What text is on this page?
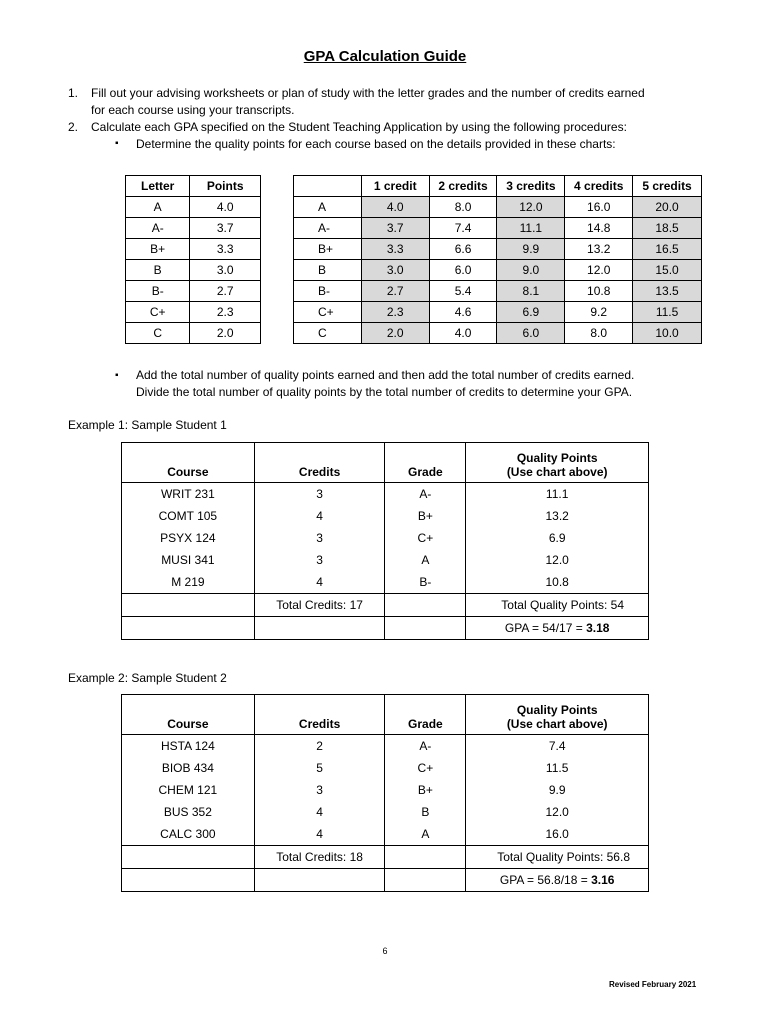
GPA Calculation Guide
1. Fill out your advising worksheets or plan of study with the letter grades and the number of credits earned
for each course using your transcripts.
2. Calculate each GPA specified on the Student Teaching Application by using the following procedures:
▪ Determine the quality points for each course based on the details provided in these charts:
Letter	Points
A	4.0
A-	3.7
B+	3.3
B	3.0
B-	2.7
C+	2.3
C	2.0
	1 credit	2 credits	3 credits	4 credits	5 credits
A	4.0	8.0	12.0	16.0	20.0
A-	3.7	7.4	11.1	14.8	18.5
B+	3.3	6.6	9.9	13.2	16.5
B	3.0	6.0	9.0	12.0	15.0
B-	2.7	5.4	8.1	10.8	13.5
C+	2.3	4.6	6.9	9.2	11.5
C	2.0	4.0	6.0	8.0	10.0
▪ Add the total number of quality points earned and then add the total number of credits earned.
Divide the total number of quality points by the total number of credits to determine your GPA.
Example 1: Sample Student 1
Course	Credits	Grade	Quality Points
(Use chart above)
WRIT 231	3	A-	11.1
COMT 105	4	B+	13.2
PSYX 124	3	C+	6.9
MUSI 341	3	A	12.0
M 219	4	B-	10.8
	Total Credits: 17		Total Quality Points: 54
			GPA = 54/17 = 3.18
Example 2: Sample Student 2
Course	Credits	Grade	Quality Points
(Use chart above)
HSTA 124	2	A-	7.4
BIOB 434	5	C+	11.5
CHEM 121	3	B+	9.9
BUS 352	4	B	12.0
CALC 300	4	A	16.0
	Total Credits: 18		Total Quality Points: 56.8
			GPA = 56.8/18 = 3.16
6
Revised February 2021
